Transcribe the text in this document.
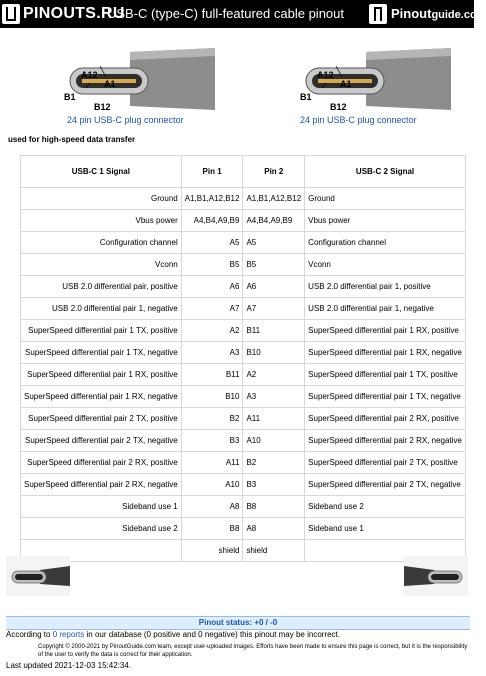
PINOUTS.RU
USB-C (type-C) full-featured cable pinout	Pinoutguide.com
A12
A1
B1
B12
24 pin USB-C plug connector
A12
A1
B1
B12
24 pin USB-C plug connector
used for high-speed data transfer
USB-C 1 Signal	Pin 1	Pin 2	USB-C 2 Signal
Ground	A1,B1,A12,B12	A1,B1,A12,B12	Ground
Vbus power	A4,B4,A9,B9	A4,B4,A9,B9	Vbus power
Configuration channel	A5	A5	Configuration channel
Vconn	B5	B5	Vconn
USB 2.0 differential pair, positive	A6	A6	USB 2.0 differential pair 1, positive
USB 2.0 differential pair 1, negative	A7	A7	USB 2.0 differential pair 1, negative
SuperSpeed differential pair 1 TX, positive	A2	B11	SuperSpeed differential pair 1 RX, positive
SuperSpeed differential pair 1 TX, negative	A3	B10	SuperSpeed differential pair 1 RX, negative
SuperSpeed differential pair 1 RX, positive	B11	A2	SuperSpeed differential pair 1 TX, positive
SuperSpeed differential pair 1 RX, negative	B10	A3	SuperSpeed differential pair 1 TX, negative
SuperSpeed differential pair 2 TX, positive	B2	A11	SuperSpeed differential pair 2 RX, positive
SuperSpeed differential pair 2 TX, negative	B3	A10	SuperSpeed differential pair 2 RX, negative
SuperSpeed differential pair 2 RX, positive	A11	B2	SuperSpeed differential pair 2 TX, positive
SuperSpeed differential pair 2 RX, negative	A10	B3	SuperSpeed differential pair 2 TX, negative
Sideband use 1	A8	B8	Sideband use 2
Sideband use 2	B8	A8	Sideband use 1
	shield	shield	
Pinout status: +0 / -0
According to 0 reports in our database (0 positive and 0 negative) this pinout may be incorrect.
Copyright © 2000-2021 by PinoutGuide.com team, except user-uploaded images. Efforts have been made to ensure this page is correct, but it is the responsibility of the user to verify the data is correct for their application.
Last updated 2021-12-03 15:42:34.
